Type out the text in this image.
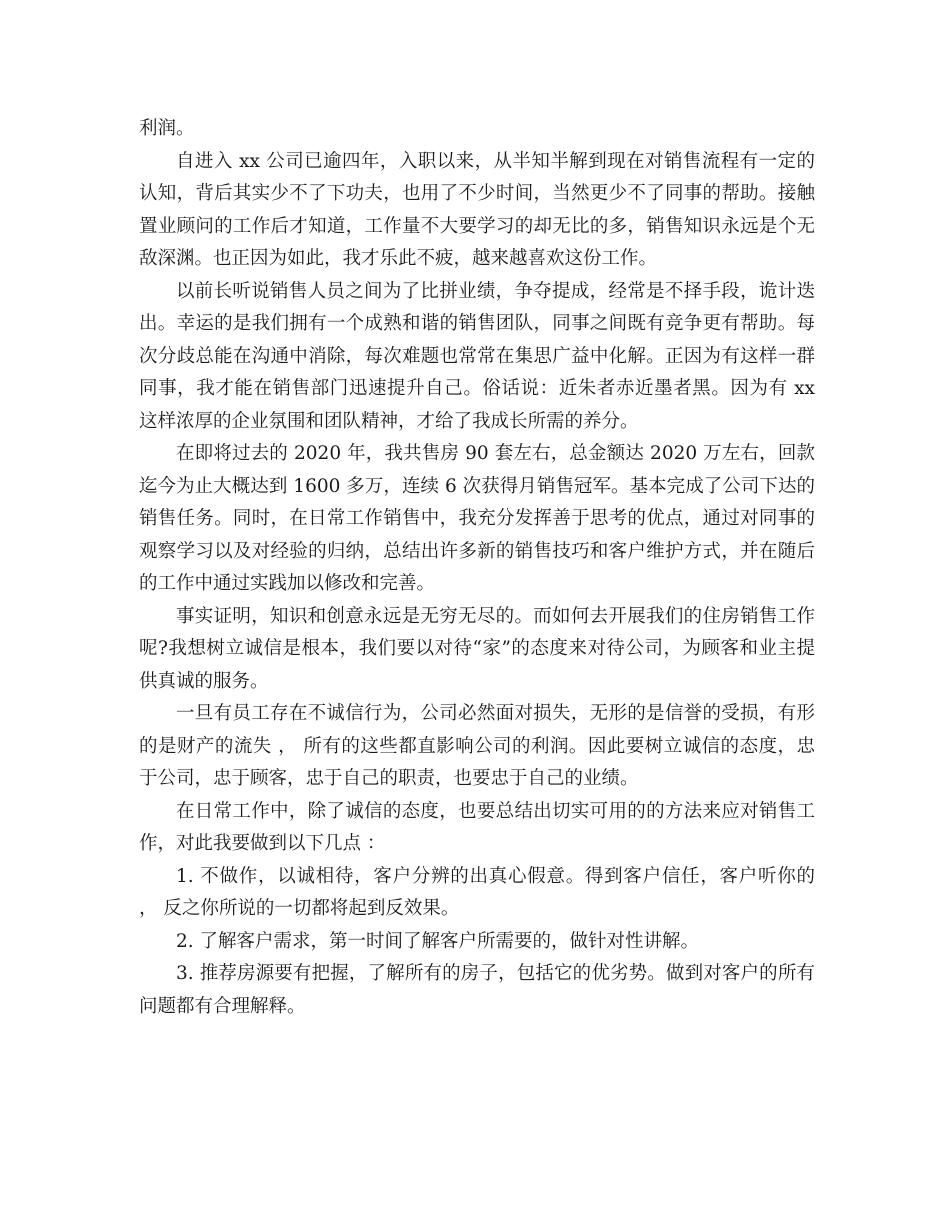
利润。

自进入 xx 公司已逾四年，入职以来，从半知半解到现在对销售流程有一定的认知，背后其实少不了下功夫，也用了不少时间，当然更少不了同事的帮助。接触置业顾问的工作后才知道，工作量不大要学习的却无比的多，销售知识永远是个无敌深渊。也正因为如此，我才乐此不疲，越来越喜欢这份工作。

以前长听说销售人员之间为了比拼业绩，争夺提成，经常是不择手段，诡计迭出。幸运的是我们拥有一个成熟和谐的销售团队，同事之间既有竞争更有帮助。每次分歧总能在沟通中消除，每次难题也常常在集思广益中化解。正因为有这样一群同事，我才能在销售部门迅速提升自己。俗话说：近朱者赤近墨者黑。因为有 xx 这样浓厚的企业氛围和团队精神，才给了我成长所需的养分。

在即将过去的 2020 年，我共售房 90 套左右，总金额达 2020 万左右，回款迄今为止大概达到 1600 多万，连续 6 次获得月销售冠军。基本完成了公司下达的销售任务。同时，在日常工作销售中，我充分发挥善于思考的优点，通过对同事的观察学习以及对经验的归纳，总结出许多新的销售技巧和客户维护方式，并在随后的工作中通过实践加以修改和完善。

事实证明，知识和创意永远是无穷无尽的。而如何去开展我们的住房销售工作呢?我想树立诚信是根本，我们要以对待“家”的态度来对待公司，为顾客和业主提供真诚的服务。

一旦有员工存在不诚信行为，公司必然面对损失，无形的是信誉的受损，有形的是财产的流失 ， 所有的这些都直影响公司的利润。因此要树立诚信的态度，忠于公司，忠于顾客，忠于自己的职责，也要忠于自己的业绩。

在日常工作中，除了诚信的态度，也要总结出切实可用的的方法来应对销售工作，对此我要做到以下几点 ：

1. 不做作，以诚相待，客户分辨的出真心假意。得到客户信任，客户听你的 ， 反之你所说的一切都将起到反效果。

2. 了解客户需求，第一时间了解客户所需要的，做针对性讲解。

3. 推荐房源要有把握，了解所有的房子，包括它的优劣势。做到对客户的所有问题都有合理解释。
